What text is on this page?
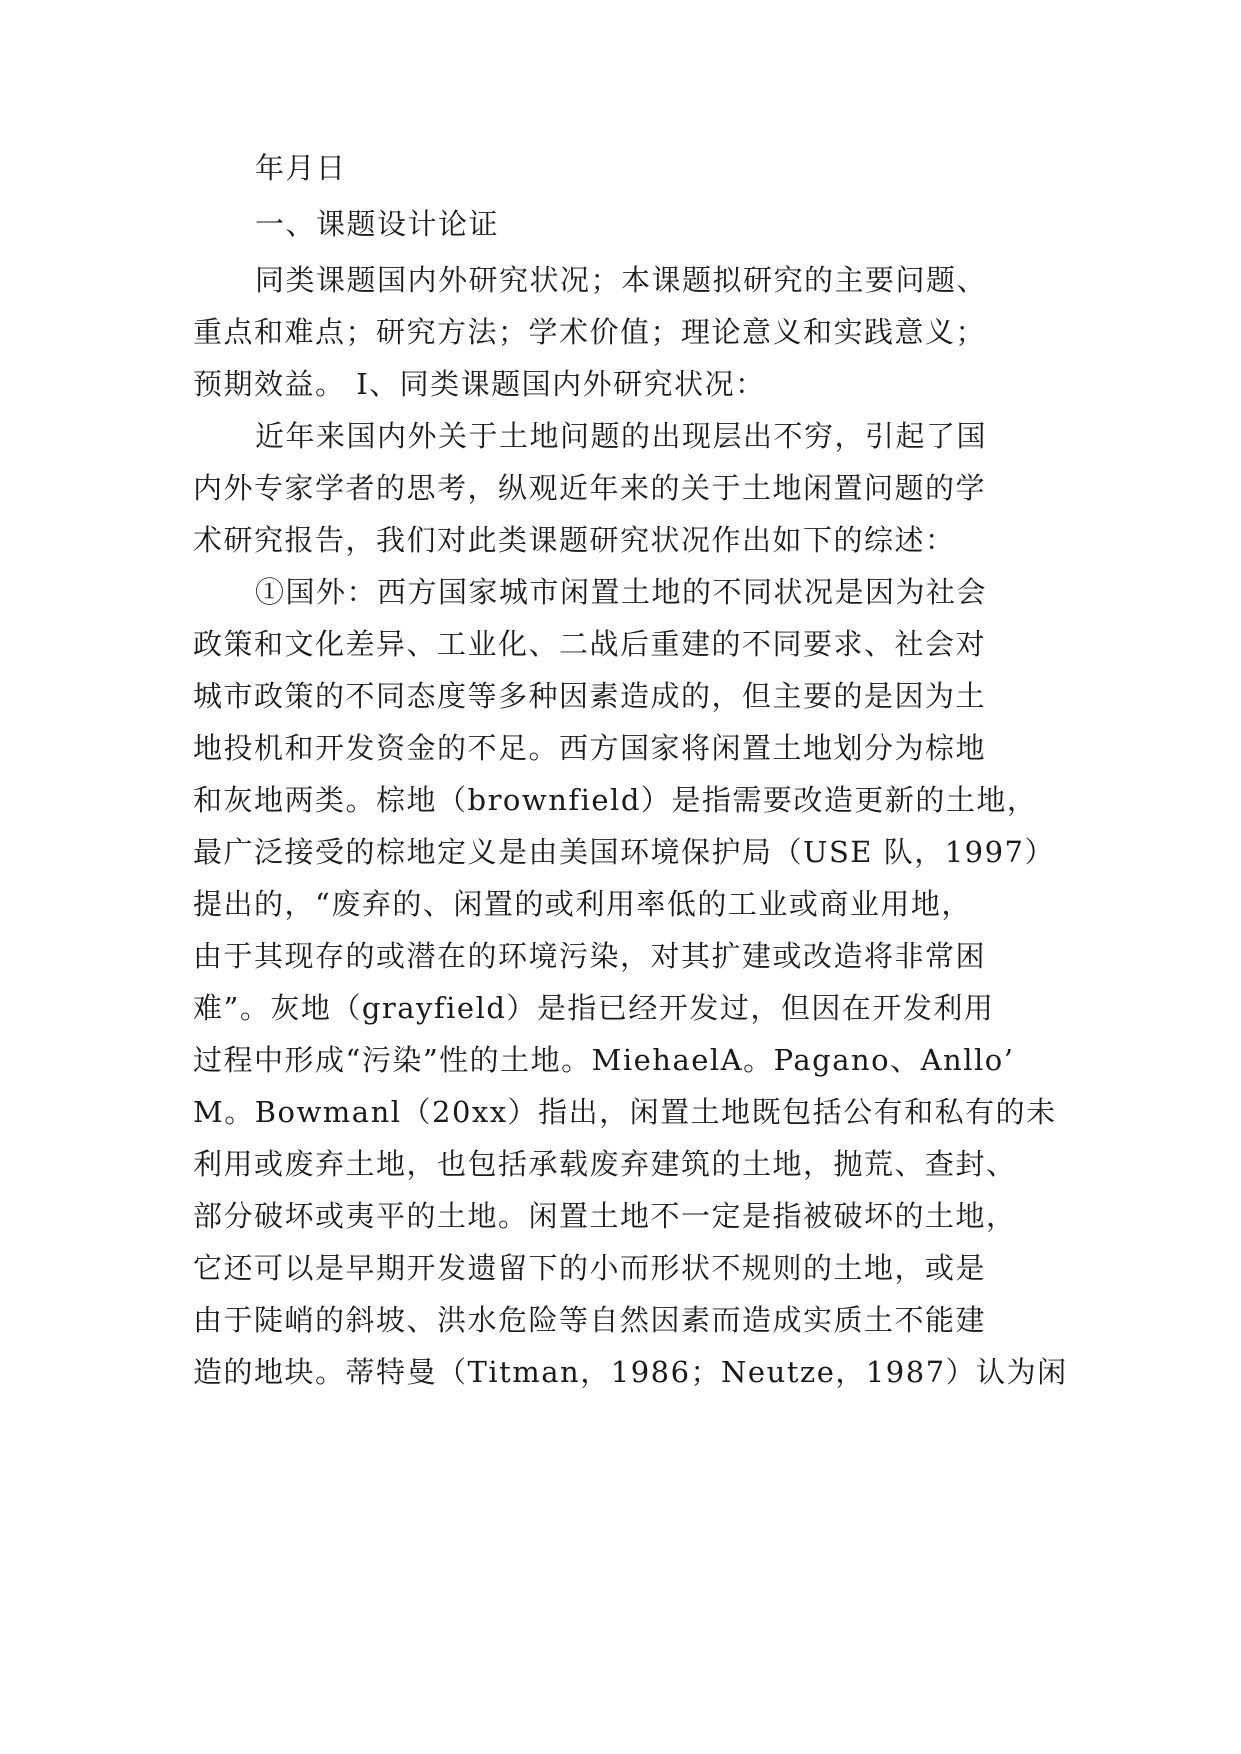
年月日
一、课题设计论证
同类课题国内外研究状况；本课题拟研究的主要问题、
重点和难点；研究方法；学术价值；理论意义和实践意义；
预期效益。 Ⅰ、同类课题国内外研究状况：
近年来国内外关于土地问题的出现层出不穷，引起了国
内外专家学者的思考，纵观近年来的关于土地闲置问题的学
术研究报告，我们对此类课题研究状况作出如下的综述：
①国外：西方国家城市闲置土地的不同状况是因为社会
政策和文化差异、工业化、二战后重建的不同要求、社会对
城市政策的不同态度等多种因素造成的，但主要的是因为土
地投机和开发资金的不足。西方国家将闲置土地划分为棕地
和灰地两类。棕地（brownfield）是指需要改造更新的土地，
最广泛接受的棕地定义是由美国环境保护局（USE 队，1997）
提出的，“废弃的、闲置的或利用率低的工业或商业用地，
由于其现存的或潜在的环境污染，对其扩建或改造将非常困
难”。灰地（grayfield）是指已经开发过，但因在开发利用
过程中形成“污染”性的土地。MiehaelA。Pagano、Anllo’
M。Bowmanl（20xx）指出，闲置土地既包括公有和私有的未
利用或废弃土地，也包括承载废弃建筑的土地，抛荒、查封、
部分破坏或夷平的土地。闲置土地不一定是指被破坏的土地，
它还可以是早期开发遗留下的小而形状不规则的土地，或是
由于陡峭的斜坡、洪水危险等自然因素而造成实质土不能建
造的地块。蒂特曼（Titman，1986；Neutze，1987）认为闲
